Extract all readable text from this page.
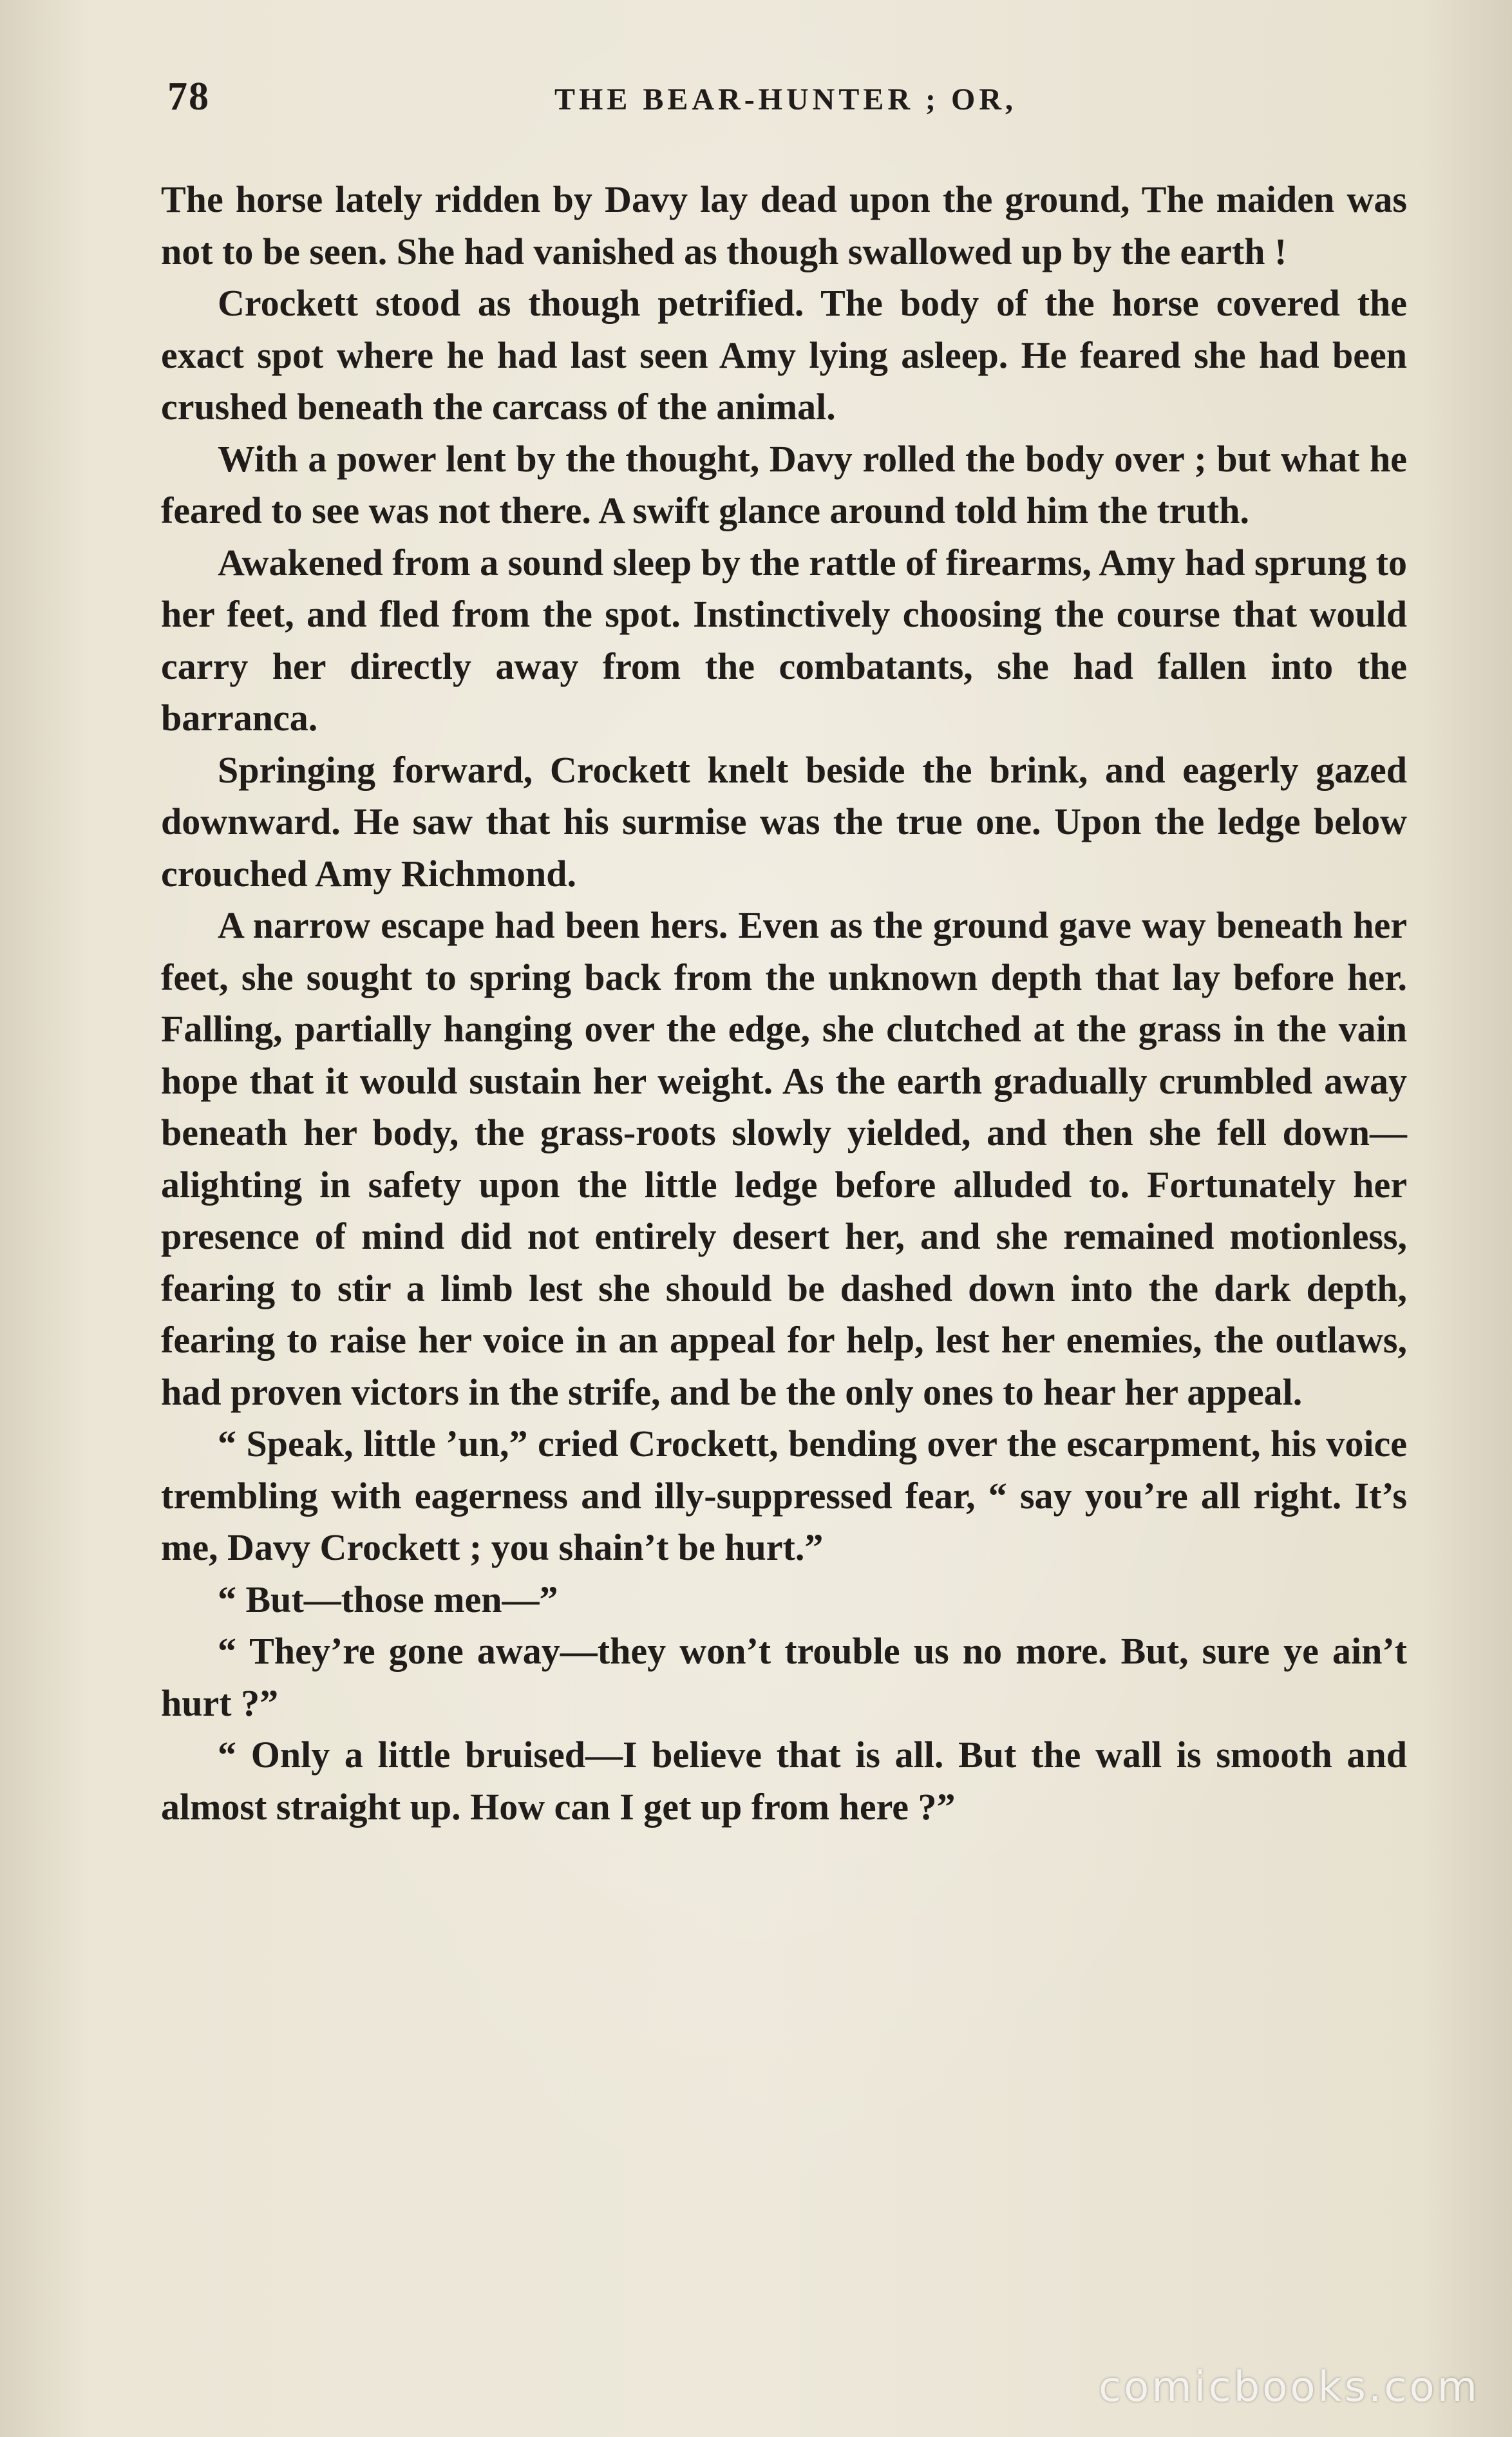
78	THE BEAR-HUNTER ; OR,

The horse lately ridden by Davy lay dead upon the ground, The maiden was not to be seen. She had vanished as though swallowed up by the earth !

Crockett stood as though petrified. The body of the horse covered the exact spot where he had last seen Amy lying asleep. He feared she had been crushed beneath the carcass of the animal.

With a power lent by the thought, Davy rolled the body over ; but what he feared to see was not there. A swift glance around told him the truth.

Awakened from a sound sleep by the rattle of firearms, Amy had sprung to her feet, and fled from the spot. Instinctively choosing the course that would carry her directly away from the combatants, she had fallen into the barranca.

Springing forward, Crockett knelt beside the brink, and eagerly gazed downward. He saw that his surmise was the true one. Upon the ledge below crouched Amy Richmond.

A narrow escape had been hers. Even as the ground gave way beneath her feet, she sought to spring back from the unknown depth that lay before her. Falling, partially hanging over the edge, she clutched at the grass in the vain hope that it would sustain her weight. As the earth gradually crumbled away beneath her body, the grass-roots slowly yielded, and then she fell down—alighting in safety upon the little ledge before alluded to. Fortunately her presence of mind did not entirely desert her, and she remained motionless, fearing to stir a limb lest she should be dashed down into the dark depth, fearing to raise her voice in an appeal for help, lest her enemies, the outlaws, had proven victors in the strife, and be the only ones to hear her appeal.

“ Speak, little ’un,” cried Crockett, bending over the escarpment, his voice trembling with eagerness and illy-suppressed fear, “ say you’re all right. It’s me, Davy Crockett ; you shain’t be hurt.”

“ But—those men—”

“ They’re gone away—they won’t trouble us no more. But, sure ye ain’t hurt ?”

“ Only a little bruised—I believe that is all. But the wall is smooth and almost straight up. How can I get up from here ?”

comicbooks.com
